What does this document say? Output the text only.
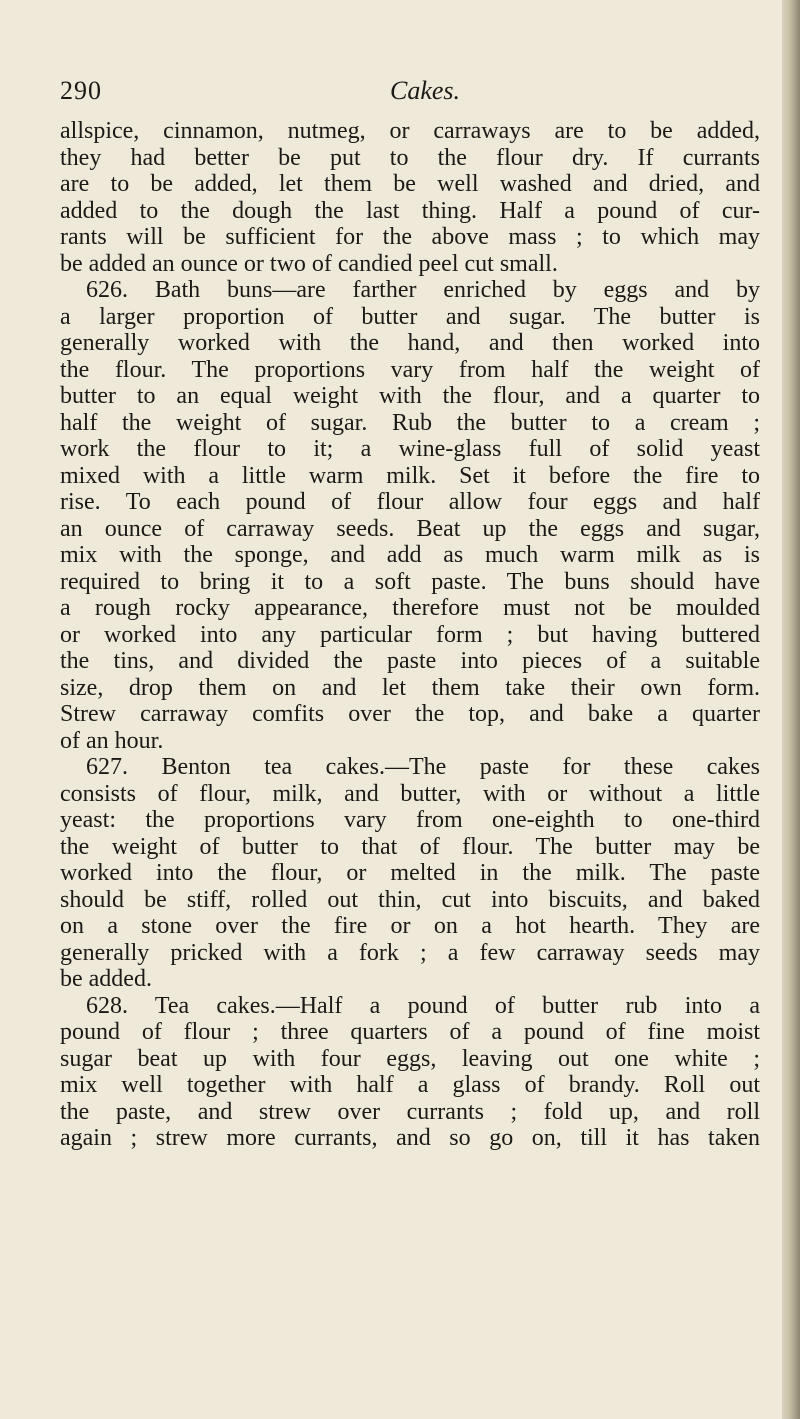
290	Cakes.
allspice, cinnamon, nutmeg, or carraways are to be added,
they had better be put to the flour dry. If currants
are to be added, let them be well washed and dried, and
added to the dough the last thing. Half a pound of cur-
rants will be sufficient for the above mass ; to which may
be added an ounce or two of candied peel cut small.
626. Bath buns—are farther enriched by eggs and by
a larger proportion of butter and sugar. The butter is
generally worked with the hand, and then worked into
the flour. The proportions vary from half the weight of
butter to an equal weight with the flour, and a quarter to
half the weight of sugar. Rub the butter to a cream ;
work the flour to it; a wine-glass full of solid yeast
mixed with a little warm milk. Set it before the fire to
rise. To each pound of flour allow four eggs and half
an ounce of carraway seeds. Beat up the eggs and sugar,
mix with the sponge, and add as much warm milk as is
required to bring it to a soft paste. The buns should have
a rough rocky appearance, therefore must not be moulded
or worked into any particular form ; but having buttered
the tins, and divided the paste into pieces of a suitable
size, drop them on and let them take their own form.
Strew carraway comfits over the top, and bake a quarter
of an hour.
627. Benton tea cakes.—The paste for these cakes
consists of flour, milk, and butter, with or without a little
yeast: the proportions vary from one-eighth to one-third
the weight of butter to that of flour. The butter may be
worked into the flour, or melted in the milk. The paste
should be stiff, rolled out thin, cut into biscuits, and baked
on a stone over the fire or on a hot hearth. They are
generally pricked with a fork ; a few carraway seeds may
be added.
628. Tea cakes.—Half a pound of butter rub into a
pound of flour ; three quarters of a pound of fine moist
sugar beat up with four eggs, leaving out one white ;
mix well together with half a glass of brandy. Roll out
the paste, and strew over currants ; fold up, and roll
again ; strew more currants, and so go on, till it has taken
